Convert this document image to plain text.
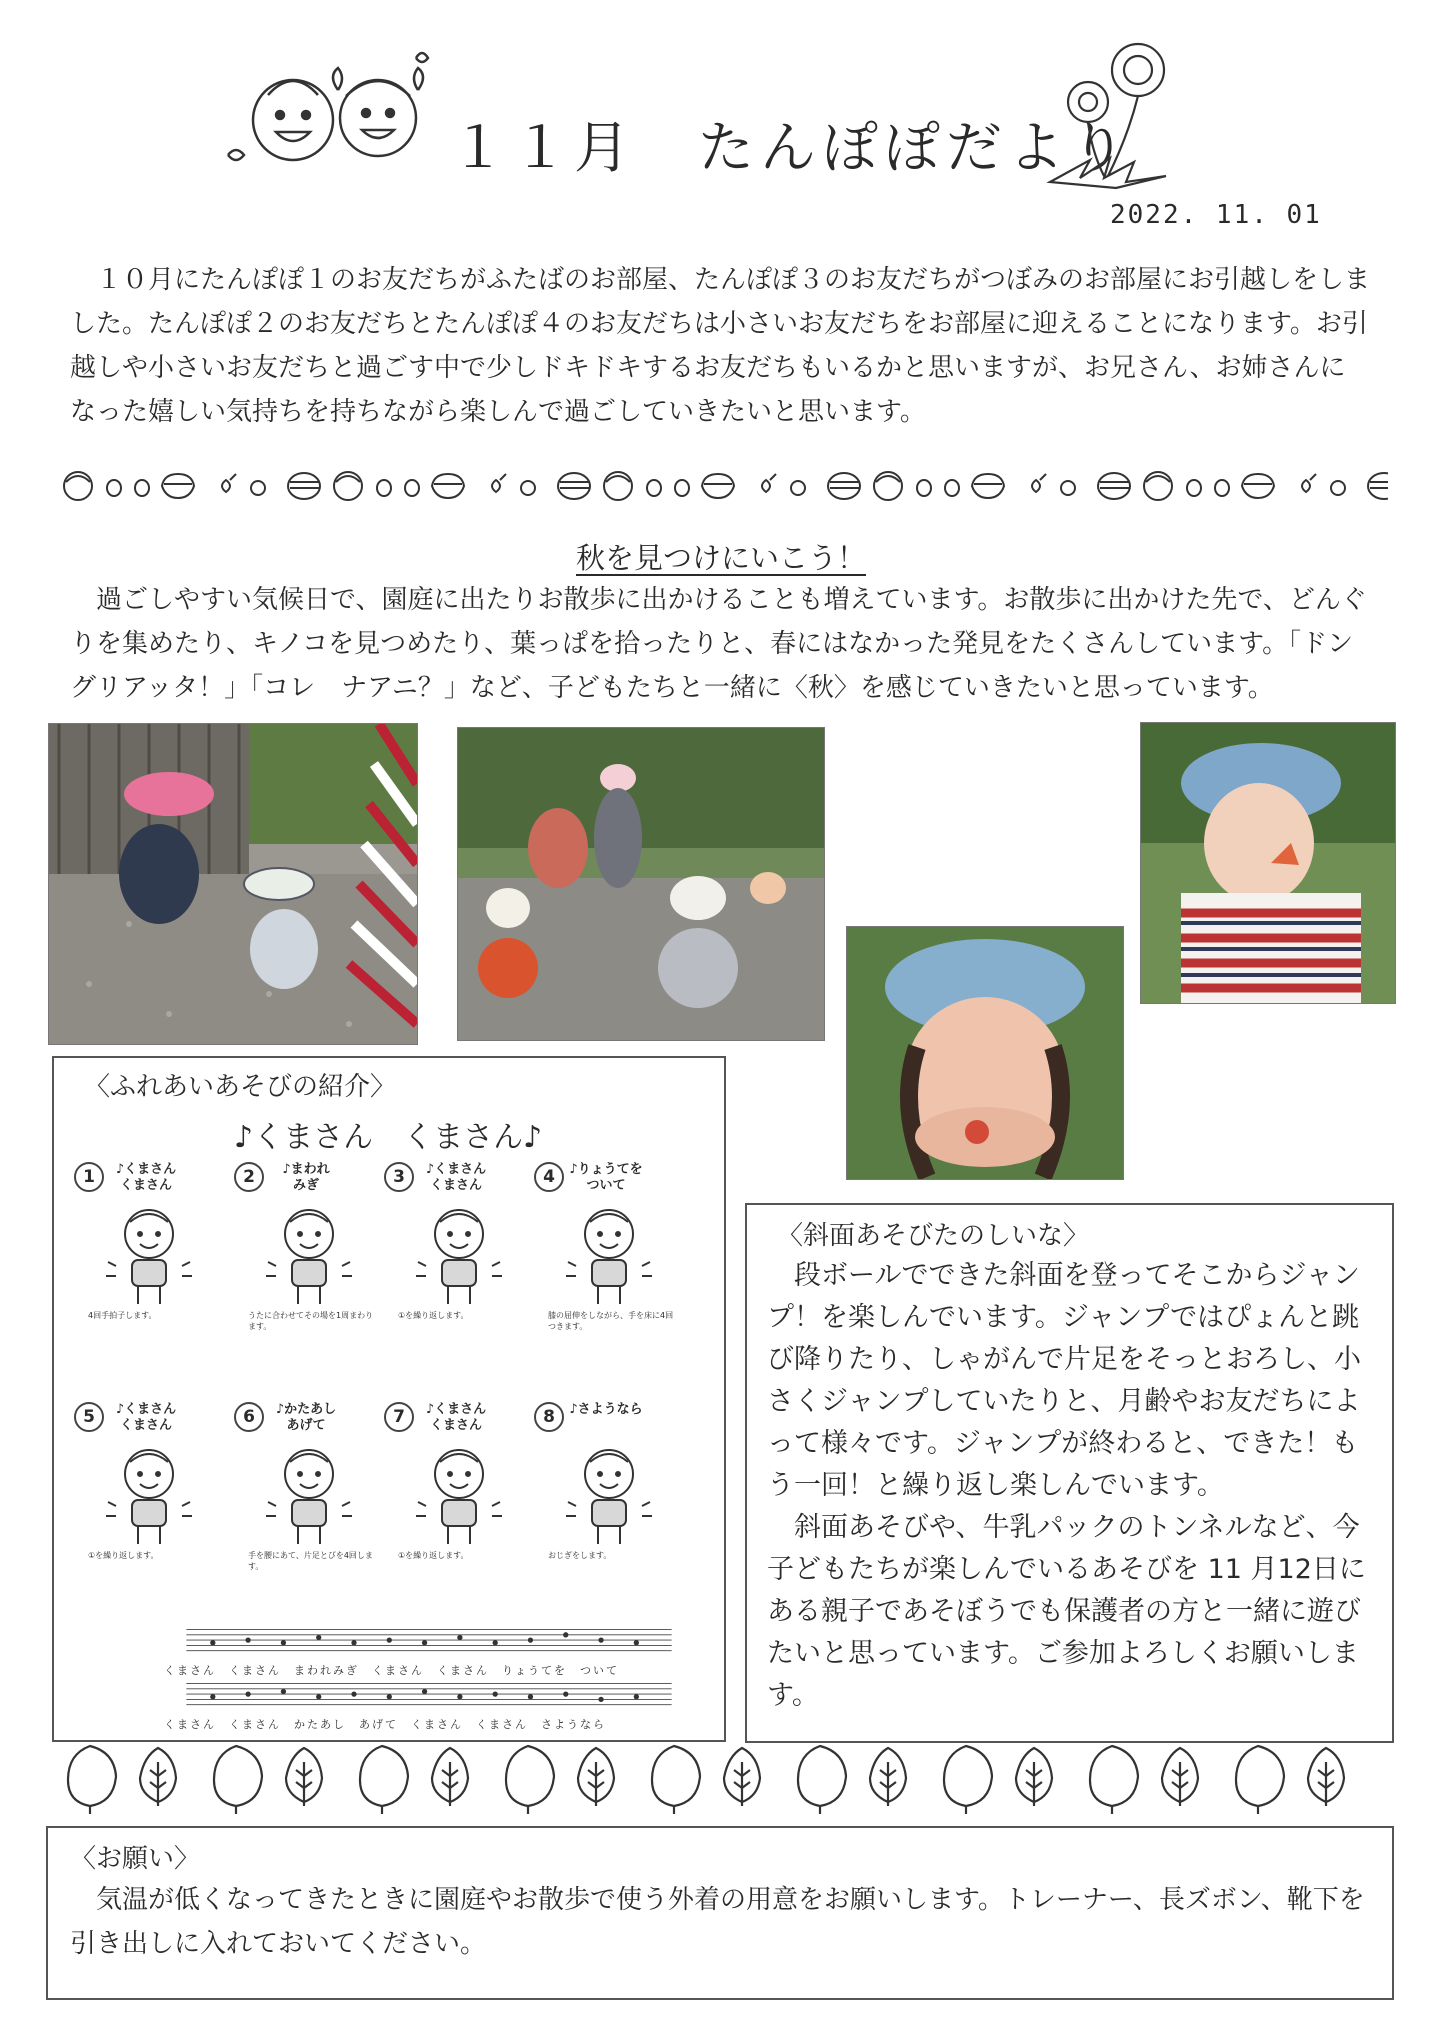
１１月　たんぽぽだより
2022. 11. 01
　１０月にたんぽぽ１のお友だちがふたばのお部屋、たんぽぽ３のお友だちがつぼみのお部屋にお引越しをしました。たんぽぽ２のお友だちとたんぽぽ４のお友だちは小さいお友だちをお部屋に迎えることになります。お引越しや小さいお友だちと過ごす中で少しドキドキするお友だちもいるかと思いますが、お兄さん、お姉さんになった嬉しい気持ちを持ちながら楽しんで過ごしていきたいと思います。
秋を見つけにいこう！
　過ごしやすい気候日で、園庭に出たりお散歩に出かけることも増えています。お散歩に出かけた先で、どんぐりを集めたり、キノコを見つめたり、葉っぱを拾ったりと、春にはなかった発見をたくさんしています。「ドングリアッタ！」「コレ　ナアニ？」など、子どもたちと一緒に〈秋〉を感じていきたいと思っています。
〈ふれあいあそびの紹介〉
♪くまさん　くまさん♪
1	♪くまさん
くまさん
4回手拍子します。
2	♪まわれ
みぎ
うたに合わせてその場を1周まわります。
3	♪くまさん
くまさん
①を繰り返します。
4	♪りょうてを
ついて
膝の屈伸をしながら、手を床に4回つきます。
5	♪くまさん
くまさん
①を繰り返します。
6	♪かたあし
あげて
手を腰にあて、片足とびを4回します。
7	♪くまさん
くまさん
①を繰り返します。
8	♪さようなら
おじぎをします。
くまさん　くまさん　まわれみぎ　くまさん　くまさん　りょうてを　ついて
くまさん　くまさん　かたあし　あげて　くまさん　くまさん　さようなら
〈斜面あそびたのしいな〉
　段ボールでできた斜面を登ってそこからジャンプ！を楽しんでいます。ジャンプではぴょんと跳び降りたり、しゃがんで片足をそっとおろし、小さくジャンプしていたりと、月齢やお友だちによって様々です。ジャンプが終わると、できた！もう一回！と繰り返し楽しんでいます。
　斜面あそびや、牛乳パックのトンネルなど、今子どもたちが楽しんでいるあそびを 11 月12日にある親子であそぼうでも保護者の方と一緒に遊びたいと思っています。ご参加よろしくお願いします。
〈お願い〉
　気温が低くなってきたときに園庭やお散歩で使う外着の用意をお願いします。トレーナー、長ズボン、靴下を引き出しに入れておいてください。
